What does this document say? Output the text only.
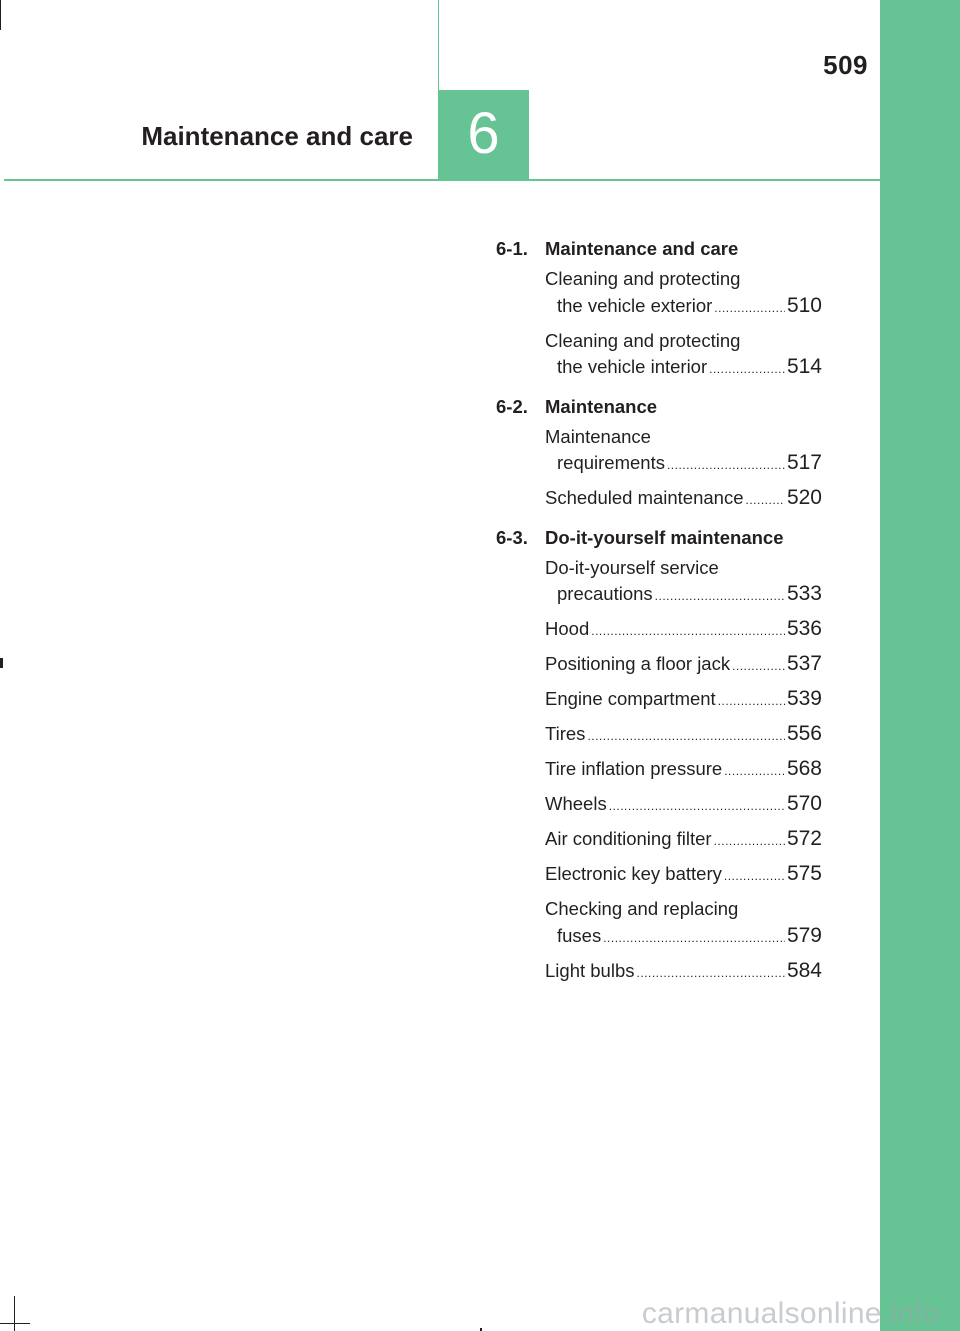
6
509
Maintenance and care
carmanualsonline.info
6-1. Maintenance and care
Cleaning and protecting
the vehicle exterior .....	510
Cleaning and protecting
the vehicle interior .....	514
6-2. Maintenance
Maintenance
requirements .....	517
Scheduled maintenance ..... 520
6-3. Do-it-yourself maintenance
Do-it-yourself service
precautions .....	533
Hood .....	536
Positioning a floor jack .....	537
Engine compartment .....	539
Tires .....	556
Tire inflation pressure .....	568
Wheels .....	570
Air conditioning filter .....	572
Electronic key battery .....	575
Checking and replacing
fuses .....	579
Light bulbs .....	584
